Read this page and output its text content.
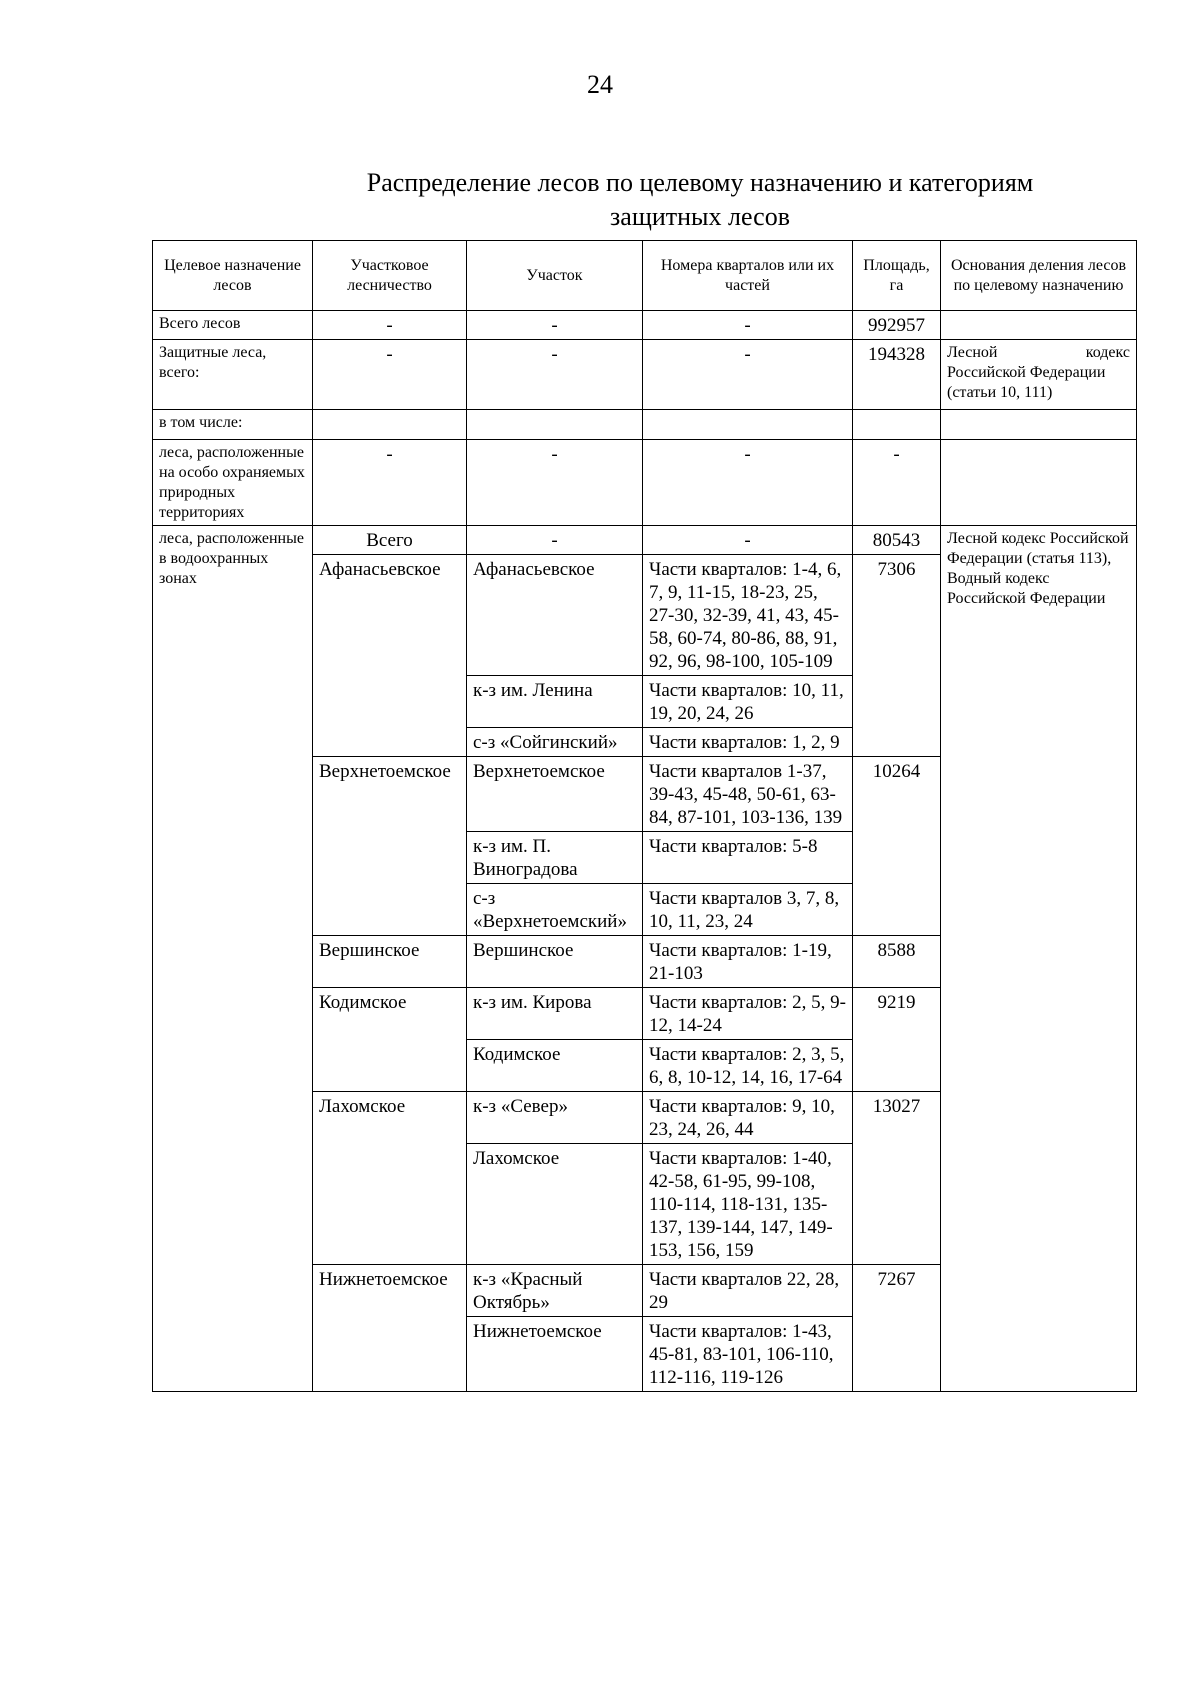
24
Распределение лесов по целевому назначению и категориям
защитных лесов
Целевое назначение лесов	Участковое лесничество	Участок	Номера кварталов или их частей	Площадь, га	Основания деления лесов по целевому назначению
Всего лесов	-	-	-	992957	
Защитные леса, всего:	-	-	-	194328	Лесной кодекс
Российской Федерации (статьи 10, 111)

в том числе:					
леса, расположенные на особо охраняемых природных территориях	-	-	-	-	
леса, расположенные в водоохранных зонах	Всего	-	-	80543	Лесной кодекс Российской Федерации (статья 113), Водный кодекс Российской Федерации
	Афанасьевское	Афанасьевское	Части кварталов: 1-4, 6, 7, 9, 11-15, 18-23, 25, 27-30, 32-39, 41, 43, 45-58, 60-74, 80-86, 88, 91, 92, 96, 98-100, 105-109	7306	
		к-з им. Ленина	Части кварталов: 10, 11, 19, 20, 24, 26		
		с-з «Сойгинский»	Части кварталов: 1, 2, 9		
	Верхнетоемское	Верхнетоемское	Части кварталов 1-37, 39-43, 45-48, 50-61, 63-84, 87-101, 103-136, 139	10264	
		к-з им. П. Виноградова	Части кварталов: 5-8		
		с-з «Верхнетоемский»	Части кварталов 3, 7, 8, 10, 11, 23, 24		
	Вершинское	Вершинское	Части кварталов: 1-19, 21-103	8588	
	Кодимское	к-з им. Кирова	Части кварталов: 2, 5, 9-12, 14-24	9219	
		Кодимское	Части кварталов: 2, 3, 5, 6, 8, 10-12, 14, 16, 17-64		
	Лахомское	к-з «Север»	Части кварталов: 9, 10, 23, 24, 26, 44	13027	
		Лахомское	Части кварталов: 1-40, 42-58, 61-95, 99-108, 110-114, 118-131, 135-137, 139-144, 147, 149-153, 156, 159		
	Нижнетоемское	к-з «Красный Октябрь»	Части кварталов 22, 28, 29	7267	
		Нижнетоемское	Части кварталов: 1-43, 45-81, 83-101, 106-110, 112-116, 119-126		
